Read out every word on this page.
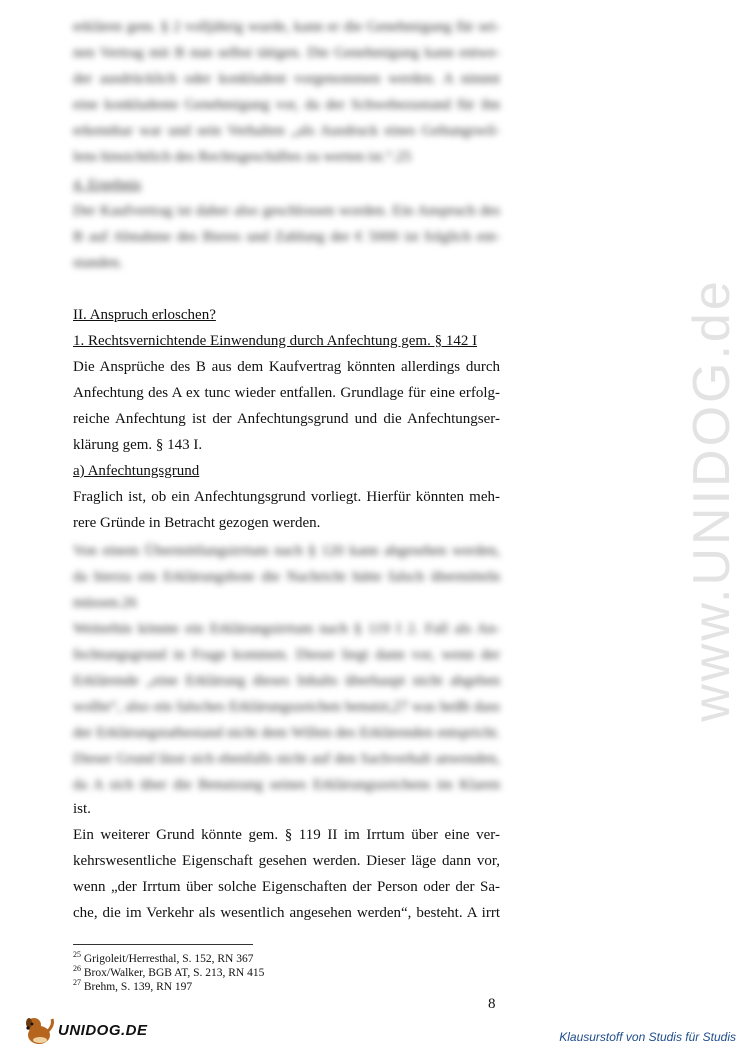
erklären gem. § 2 volljährig wurde, kann er die Genehmigung für sei-
nen Vertrag mit B nun selbst tätigen. Die Genehmigung kann entwe-
der ausdrücklich oder konkludent vorgenommen werden. A nimmt
eine konkludente Genehmigung vor, da der Schwebezustand für ihn
erkennbar war und sein Verhalten „als Ausdruck eines Geltungswil-
lens hinsichtlich des Rechtsgeschäftes zu werten ist.“.25
4. Ergebnis
Der Kaufvertrag ist daher also geschlossen worden. Ein Anspruch des
B auf Abnahme des Bieres und Zahlung der € 5000 ist folglich ent-
standen.
II. Anspruch erloschen?
1. Rechtsvernichtende Einwendung durch Anfechtung gem. § 142 I
Die Ansprüche des B aus dem Kaufvertrag könnten allerdings durch
Anfechtung des A ex tunc wieder entfallen. Grundlage für eine erfolg-
reiche Anfechtung ist der Anfechtungsgrund und die Anfechtungser-
klärung gem. § 143 I.
a) Anfechtungsgrund
Fraglich ist, ob ein Anfechtungsgrund vorliegt. Hierfür könnten meh-
rere Gründe in Betracht gezogen werden.
Von einem Übermittlungsirrtum nach § 120 kann abgesehen werden,
da hierzu ein Erklärungsbote die Nachricht hätte falsch übermitteln
müssen.26
Weiterhin könnte ein Erklärungsirrtum nach § 119 I 2. Fall als An-
fechtungsgrund in Frage kommen. Dieser liegt dann vor, wenn der
Erklärende „eine Erklärung dieses Inhalts überhaupt nicht abgeben
wollte“, also ein falsches Erklärungszeichen benutzt,27 was heißt dass
der Erklärungstatbestand nicht dem Willen des Erklärenden entspricht.
Dieser Grund lässt sich ebenfalls nicht auf den Sachverhalt anwenden,
da A sich über die Benutzung seines Erklärungszeichens im Klaren
ist.
Ein weiterer Grund könnte gem. § 119 II im Irrtum über eine ver-
kehrswesentliche Eigenschaft gesehen werden. Dieser läge dann vor,
wenn „der Irrtum über solche Eigenschaften der Person oder der Sa-
che, die im Verkehr als wesentlich angesehen werden“, besteht. A irrt
$^{25}$ Grigoleit/Herresthal, S. 152, RN 367
$^{26}$ Brox/Walker, BGB AT, S. 213, RN 415
$^{27}$ Brehm, S. 139, RN 197
8
www.UNIDOG.de
UNIDOG.DE	Klausurstoff von Studis für Studis
